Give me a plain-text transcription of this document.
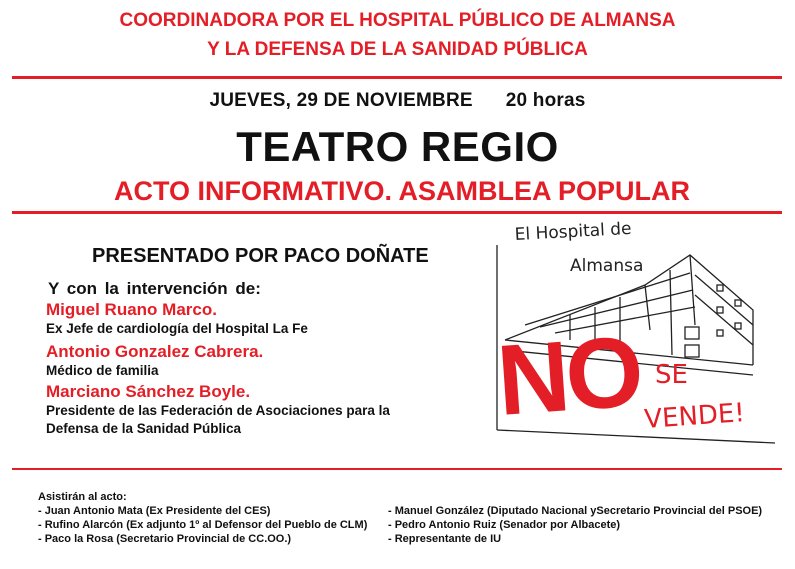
COORDINADORA POR EL HOSPITAL PÚBLICO DE ALMANSA
Y LA DEFENSA DE LA SANIDAD PÚBLICA
JUEVES, 29 DE NOVIEMBRE 20 horas
TEATRO REGIO
ACTO INFORMATIVO. ASAMBLEA POPULAR
PRESENTADO POR PACO DOÑATE
Y con la intervención de:
Miguel Ruano Marco.
Ex Jefe de cardiología del Hospital La Fe
Antonio Gonzalez Cabrera.
Médico de familia
Marciano Sánchez Boyle.
Presidente de las Federación de Asociaciones para la
Defensa de la Sanidad Pública
El Hospital de
Almansa
NO SE
VENDE!
Asistirán al acto:
- Juan Antonio Mata (Ex Presidente del CES)
- Rufino Alarcón (Ex adjunto 1º al Defensor del Pueblo de CLM)
- Paco la Rosa (Secretario Provincial de CC.OO.)
- Manuel González (Diputado Nacional ySecretario Provincial del PSOE)
- Pedro Antonio Ruiz (Senador por Albacete)
- Representante de IU
